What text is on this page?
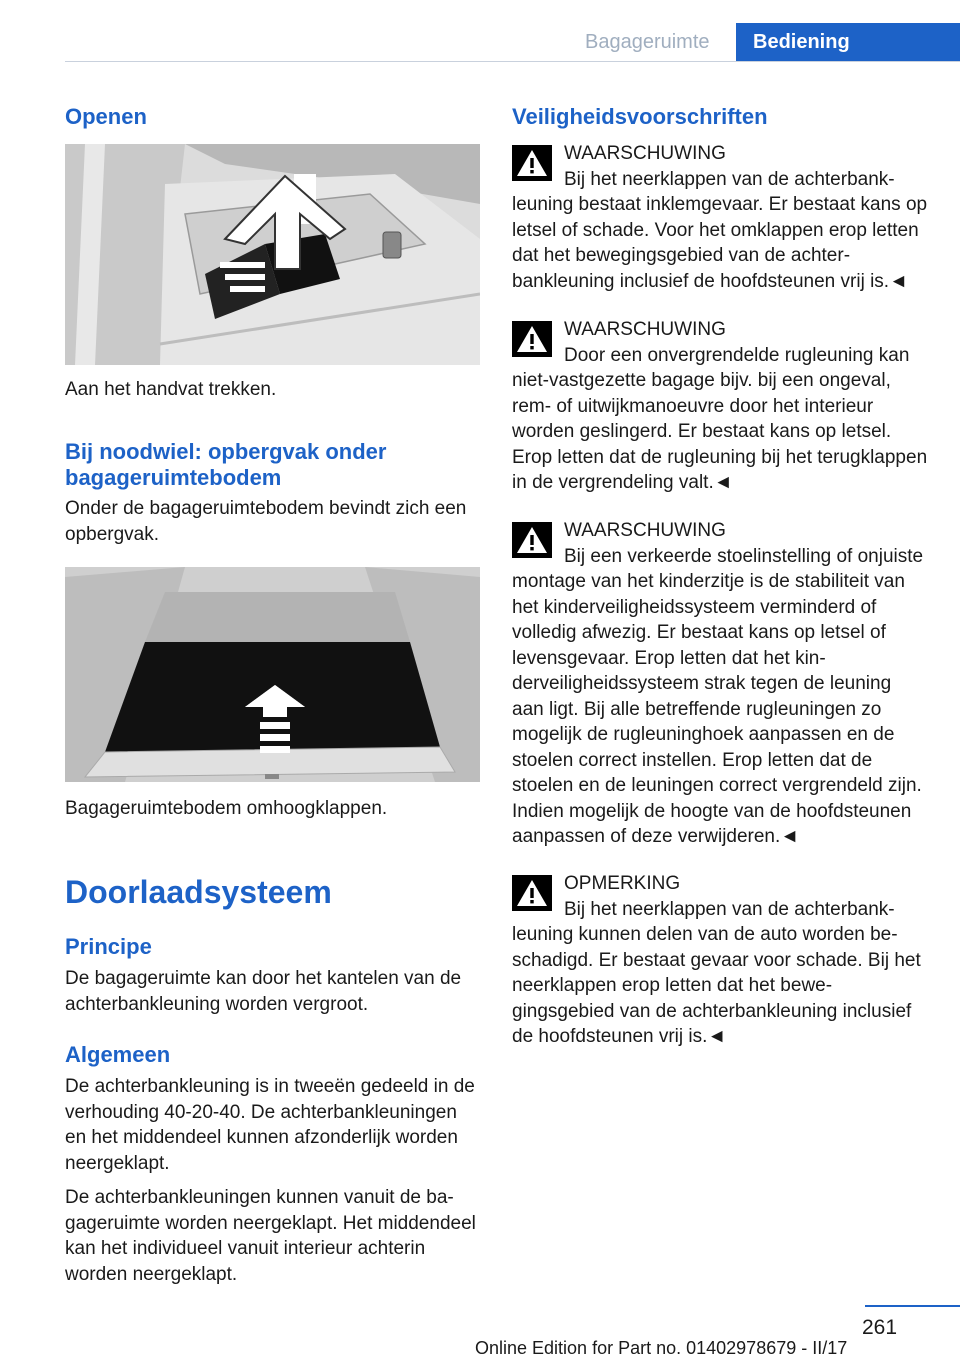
Bagageruimte	Bediening
Openen

Aan het handvat trekken.

Bij noodwiel: opbergvak onder bagageruimtebodem

Onder de bagageruimtebodem bevindt zich een opbergvak.

Bagageruimtebodem omhoogklappen.

Doorlaadsysteem
Principe

De bagageruimte kan door het kantelen van de achterbankleuning worden vergroot.

Algemeen

De achterbankleuning is in tweeën gedeeld in de verhouding 40-20-40. De achterbankleuningen en het middendeel kunnen afzonderlijk worden neergeklapt.

De achterbankleuningen kunnen vanuit de bagageruimte worden neergeklapt. Het middendeel kan het individueel vanuit interieur achterin worden neergeklapt.

Veiligheidsvoorschriften

Bij het neerklappen van de achterbankleuning bestaat inklemgevaar. Er bestaat kans op letsel of schade. Voor het omklappen erop letten dat het bewegingsgebied van de achterbankleuning inclusief de hoofdsteunen vrij is.◄

WAARSCHUWING

Door een onvergrendelde rugleuning kan niet-vastgezette bagage bijv. bij een ongeval, rem- of uitwijkmanoeuvre door het interieur worden geslingerd. Er bestaat kans op letsel. Erop letten dat de rugleuning bij het terugklappen in de vergrendeling valt.◄

WAARSCHUWING

Bij een verkeerde stoelinstelling of onjuiste montage van het kinderzitje is de stabiliteit van het kinderveiligheidssysteem verminderd of volledig afwezig. Er bestaat kans op letsel of levensgevaar. Erop letten dat het kinderveiligheidssysteem strak tegen de leuning aan ligt. Bij alle betreffende rugleuningen zo mogelijk de rugleuninghoek aanpassen en de stoelen correct instellen. Erop letten dat de stoelen en de leuningen correct vergrendeld zijn. Indien mogelijk de hoogte van de hoofdsteunen aanpassen of deze verwijderen.◄

WAARSCHUWING

Bij het neerklappen van de achterbankleuning kunnen delen van de auto worden beschadigd. Er bestaat gevaar voor schade. Bij het neerklappen erop letten dat het bewegingsgebied van de achterbankleuning inclusief de hoofdsteunen vrij is.◄

OPMERKING
261
Online Edition for Part no. 01402978679 - II/17
